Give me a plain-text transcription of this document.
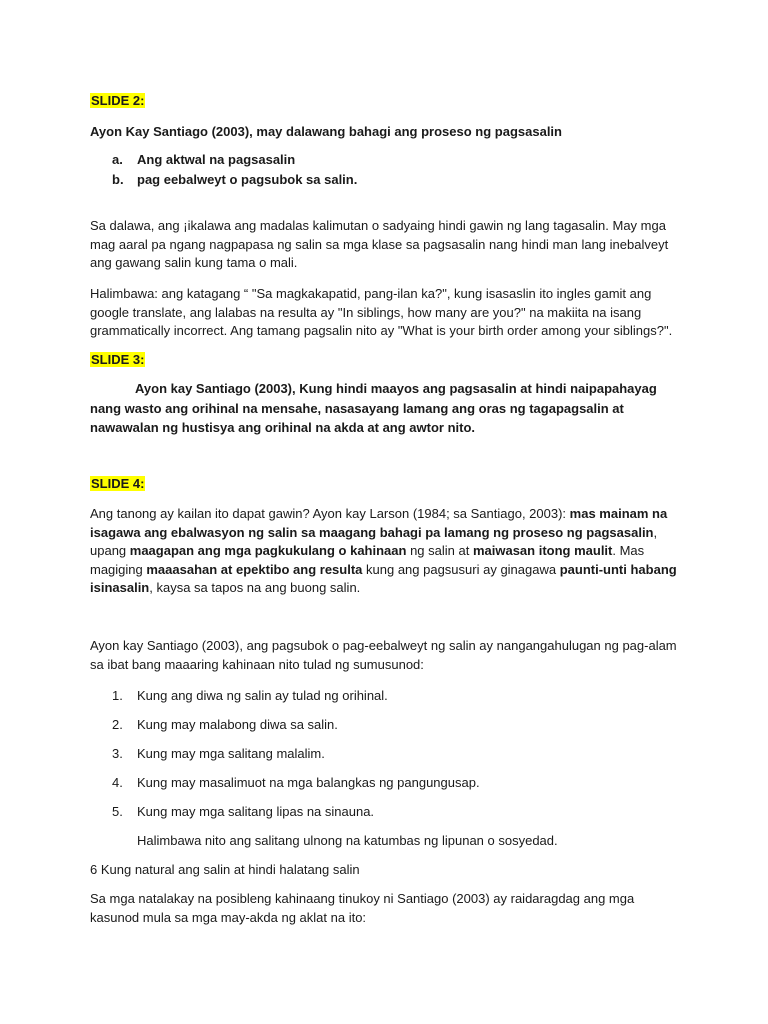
SLIDE 2:

Ayon Kay Santiago (2003), may dalawang bahagi ang proseso ng pagsasalin

a. Ang aktwal na pagsasalin

b. pag eebalweyt o pagsubok sa salin.

Sa dalawa, ang ¡ikalawa ang madalas kalimutan o sadyaing hindi gawin ng lang tagasalin. May mga mag aaral pa ngang nagpapasa ng salin sa mga klase sa pagsasalin nang hindi man lang inebalveyt ang gawang salin kung tama o mali.

Halimbawa: ang katagang “ "Sa magkakapatid, pang-ilan ka?", kung isasaslin ito ingles gamit ang google translate, ang lalabas na resulta ay "In siblings, how many are you?" na makiita na isang grammatically incorrect. Ang tamang pagsalin nito ay "What is your birth order among your siblings?".

SLIDE 3:

Ayon kay Santiago (2003), Kung hindi maayos ang pagsasalin at hindi naipapahayag nang wasto ang orihinal na mensahe, nasasayang lamang ang oras ng tagapagsalin at nawawalan ng hustisya ang orihinal na akda at ang awtor nito.

SLIDE 4:

Ang tanong ay kailan ito dapat gawin? Ayon kay Larson (1984; sa Santiago, 2003): mas mainam na isagawa ang ebalwasyon ng salin sa maagang bahagi pa lamang ng proseso ng pagsasalin, upang maagapan ang mga pagkukulang o kahinaan ng salin at maiwasan itong maulit. Mas magiging maaasahan at epektibo ang resulta kung ang pagsusuri ay ginagawa paunti-unti habang isinasalin, kaysa sa tapos na ang buong salin.

Ayon kay Santiago (2003), ang pagsubok o pag-eebalweyt ng salin ay nangangahulugan ng pag-alam sa ibat bang maaaring kahinaan nito tulad ng sumusunod:

1. Kung ang diwa ng salin ay tulad ng orihinal.

2. Kung may malabong diwa sa salin.

3. Kung may mga salitang malalim.

4. Kung may masalimuot na mga balangkas ng pangungusap.

5. Kung may mga salitang lipas na sinauna.

Halimbawa nito ang salitang ulnong na katumbas ng lipunan o sosyedad.

6 Kung natural ang salin at hindi halatang salin

Sa mga natalakay na posibleng kahinaang tinukoy ni Santiago (2003) ay raidaragdag ang mga kasunod mula sa mga may-akda ng aklat na ito:
